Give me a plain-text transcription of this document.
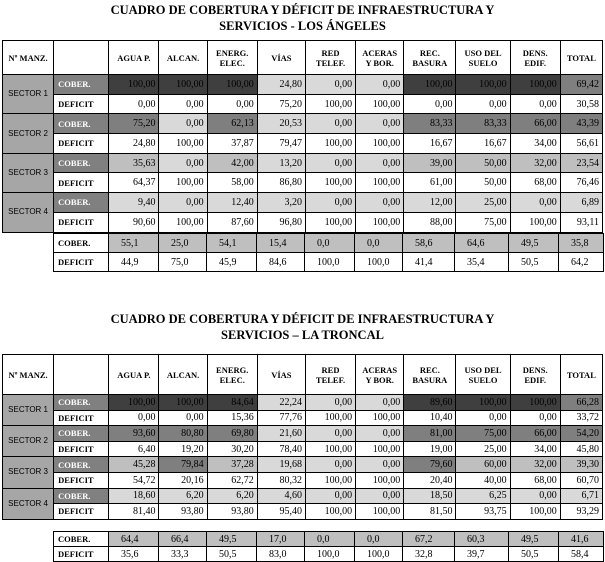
CUADRO DE COBERTURA Y DÉFICIT DE INFRAESTRUCTURA Y
SERVICIOS - LOS ÁNGELES
Nº MANZ.		AGUA P.	ALCAN.	ENERG. ELEC.	VÍAS	RED TELEF.	ACERAS Y BOR.	REC. BASURA	USO DEL SUELO	DENS. EDIF.	TOTAL
SECTOR 1	COBER.	100,00	100,00	100,00	24,80	0,00	0,00	100,00	100,00	100,00	69,42
	DEFICIT	0,00	0,00	0,00	75,20	100,00	100,00	0,00	0,00	0,00	30,58
SECTOR 2	COBER.	75,20	0,00	62,13	20,53	0,00	0,00	83,33	83,33	66,00	43,39
	DEFICIT	24,80	100,00	37,87	79,47	100,00	100,00	16,67	16,67	34,00	56,61
SECTOR 3	COBER.	35,63	0,00	42,00	13,20	0,00	0,00	39,00	50,00	32,00	23,54
	DEFICIT	64,37	100,00	58,00	86,80	100,00	100,00	61,00	50,00	68,00	76,46
SECTOR 4	COBER.	9,40	0,00	12,40	3,20	0,00	0,00	12,00	25,00	0,00	6,89
	DEFICIT	90,60	100,00	87,60	96,80	100,00	100,00	88,00	75,00	100,00	93,11
COBER.	55,1	25,0	54,1	15,4	0,0	0,0	58,6	64,6	49,5	35,8
DEFICIT	44,9	75,0	45,9	84,6	100,0	100,0	41,4	35,4	50,5	64,2
CUADRO DE COBERTURA Y DÉFICIT DE INFRAESTRUCTURA Y
SERVICIOS – LA TRONCAL
Nº MANZ.		AGUA P.	ALCAN.	ENERG. ELEC.	VÍAS	RED TELEF.	ACERAS Y BOR.	REC. BASURA	USO DEL SUELO	DENS. EDIF.	TOTAL
SECTOR 1	COBER.	100,00	100,00	84,64	22,24	0,00	0,00	89,60	100,00	100,00	66,28
	DEFICIT	0,00	0,00	15,36	77,76	100,00	100,00	10,40	0,00	0,00	33,72
SECTOR 2	COBER.	93,60	80,80	69,80	21,60	0,00	0,00	81,00	75,00	66,00	54,20
	DEFICIT	6,40	19,20	30,20	78,40	100,00	100,00	19,00	25,00	34,00	45,80
SECTOR 3	COBER.	45,28	79,84	37,28	19,68	0,00	0,00	79,60	60,00	32,00	39,30
	DEFICIT	54,72	20,16	62,72	80,32	100,00	100,00	20,40	40,00	68,00	60,70
SECTOR 4	COBER.	18,60	6,20	6,20	4,60	0,00	0,00	18,50	6,25	0,00	6,71
	DEFICIT	81,40	93,80	93,80	95,40	100,00	100,00	81,50	93,75	100,00	93,29
COBER.	64,4	66,4	49,5	17,0	0,0	0,0	67,2	60,3	49,5	41,6
DEFICIT	35,6	33,3	50,5	83,0	100,0	100,0	32,8	39,7	50,5	58,4
